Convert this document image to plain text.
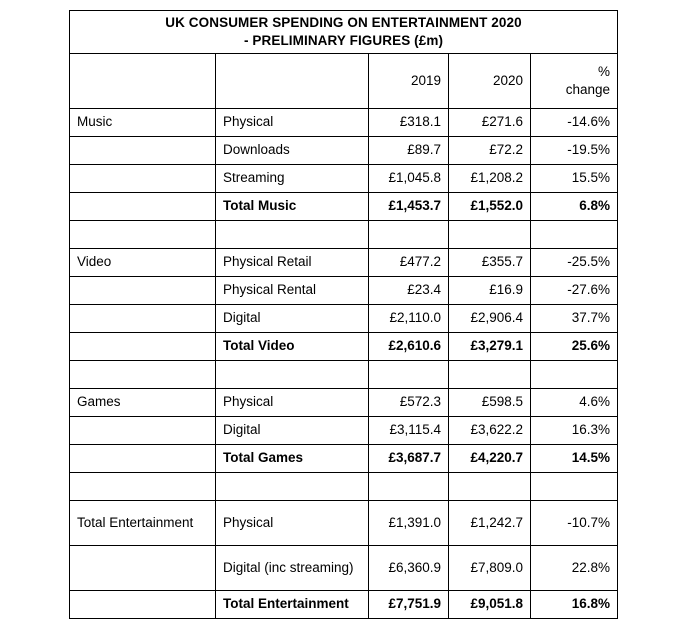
UK CONSUMER SPENDING ON ENTERTAINMENT 2020
- PRELIMINARY FIGURES (£m)				

		2019	2020	%
change

Music	Physical	£318.1	£271.6	-14.6%
	Downloads	£89.7	£72.2	-19.5%
	Streaming	£1,045.8	£1,208.2	15.5%
	Total Music	£1,453.7	£1,552.0	6.8%

Video	Physical Retail	£477.2	£355.7	-25.5%
	Physical Rental	£23.4	£16.9	-27.6%
	Digital	£2,110.0	£2,906.4	37.7%
	Total Video	£2,610.6	£3,279.1	25.6%

Games	Physical	£572.3	£598.5	4.6%
	Digital	£3,115.4	£3,622.2	16.3%
	Total Games	£3,687.7	£4,220.7	14.5%

Total Entertainment	Physical	£1,391.0	£1,242.7	-10.7%
	Digital (inc streaming)	£6,360.9	£7,809.0	22.8%
	Total Entertainment	£7,751.9	£9,051.8	16.8%
